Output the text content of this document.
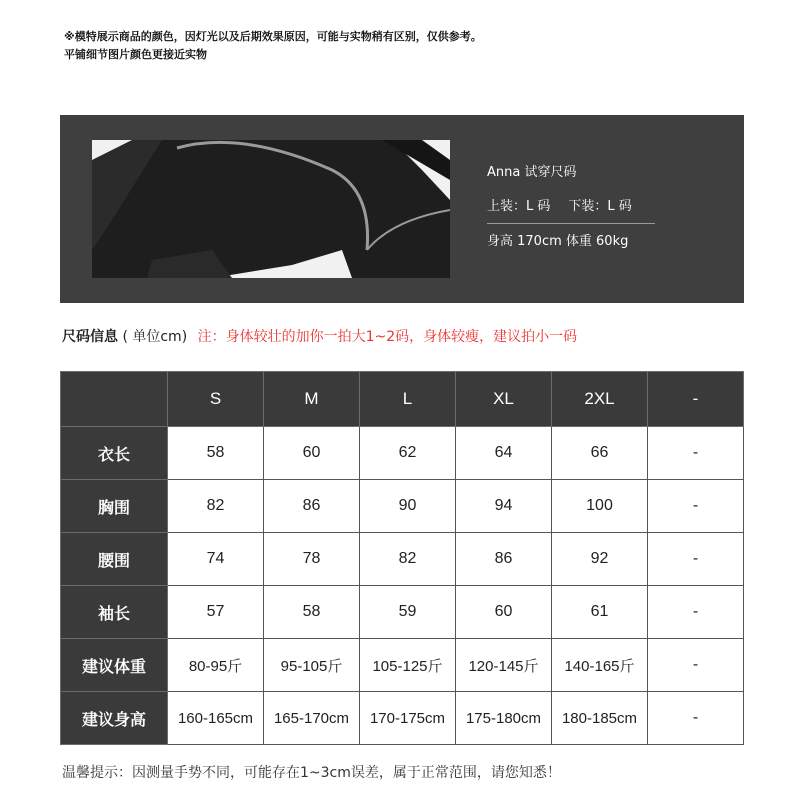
※模特展示商品的颜色，因灯光以及后期效果原因，可能与实物稍有区别，仅供参考。
平铺细节图片颜色更接近实物
Anna 试穿尺码
上装：L 码 下装：L 码
身高 170cm 体重 60kg
尺码信息 ( 单位cm) 注：身体较壮的加你一拍大1~2码，身体较瘦，建议拍小一码
	S	M	L	XL	2XL	-
衣长	58	60	62	64	66	-
胸围	82	86	90	94	100	-
腰围	74	78	82	86	92	-
袖长	57	58	59	60	61	-
建议体重	80-95斤	95-105斤	105-125斤	120-145斤	140-165斤	-
建议身高	160-165cm	165-170cm	170-175cm	175-180cm	180-185cm	-
温馨提示：因测量手势不同，可能存在1~3cm误差，属于正常范围，请您知悉！
